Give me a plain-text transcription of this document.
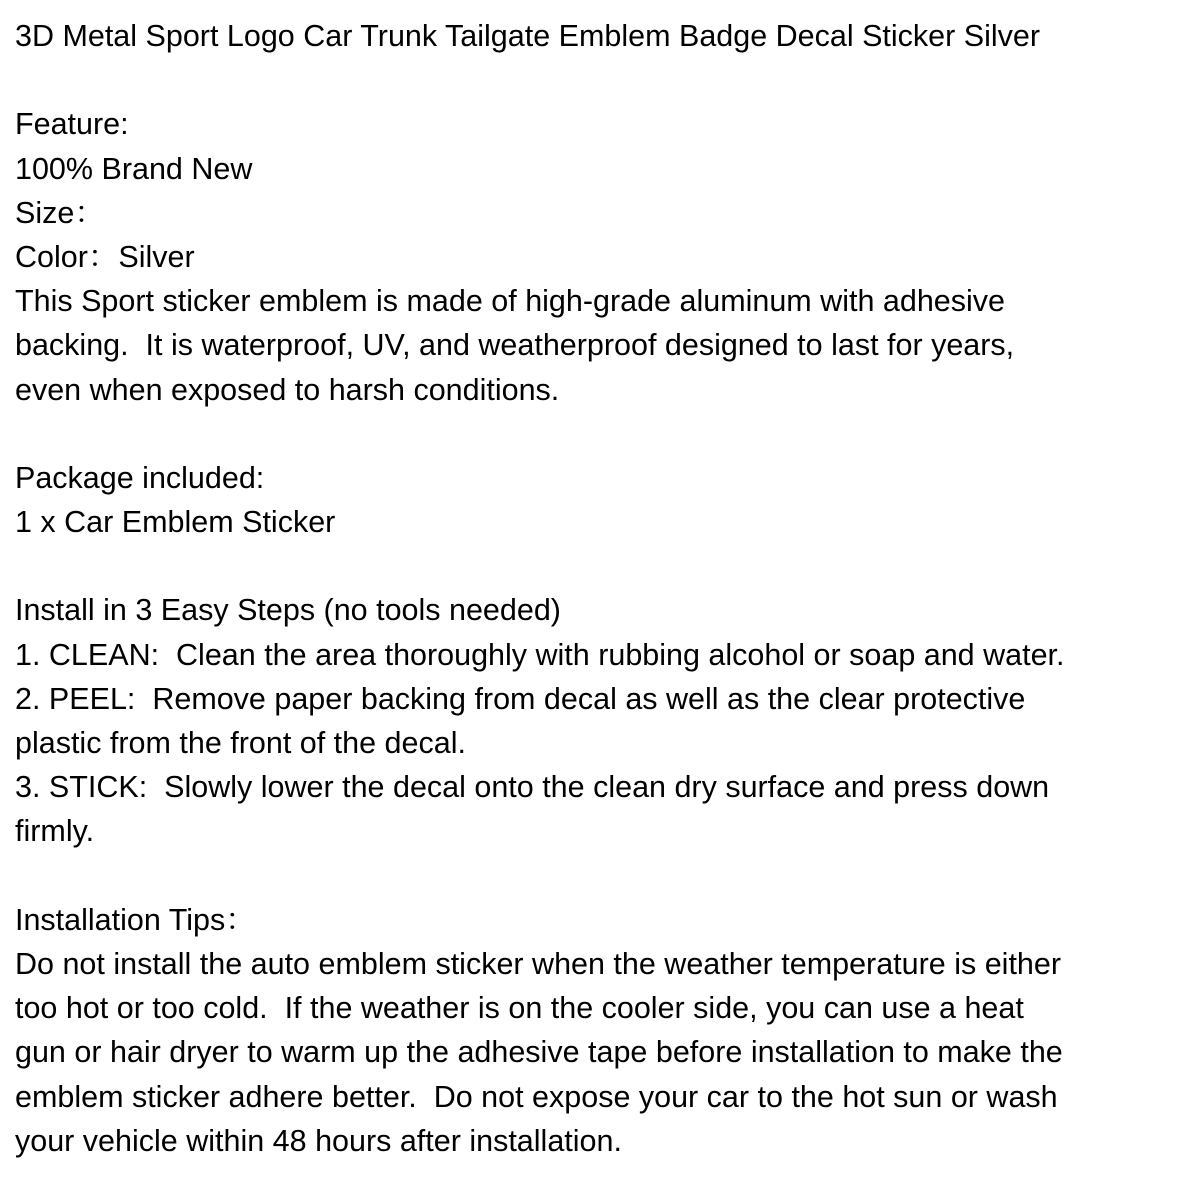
3D Metal Sport Logo Car Trunk Tailgate Emblem Badge Decal Sticker Silver
Feature:
100% Brand New
Size：
Color：Silver
This Sport sticker emblem is made of high-grade aluminum with adhesive
backing.  It is waterproof, UV, and weatherproof designed to last for years,
even when exposed to harsh conditions.
Package included:
1 x Car Emblem Sticker
Install in 3 Easy Steps (no tools needed)
1. CLEAN:  Clean the area thoroughly with rubbing alcohol or soap and water.
2. PEEL:  Remove paper backing from decal as well as the clear protective
plastic from the front of the decal.
3. STICK:  Slowly lower the decal onto the clean dry surface and press down
firmly.
Installation Tips：
Do not install the auto emblem sticker when the weather temperature is either
too hot or too cold.  If the weather is on the cooler side, you can use a heat
gun or hair dryer to warm up the adhesive tape before installation to make the
emblem sticker adhere better.  Do not expose your car to the hot sun or wash
your vehicle within 48 hours after installation.
